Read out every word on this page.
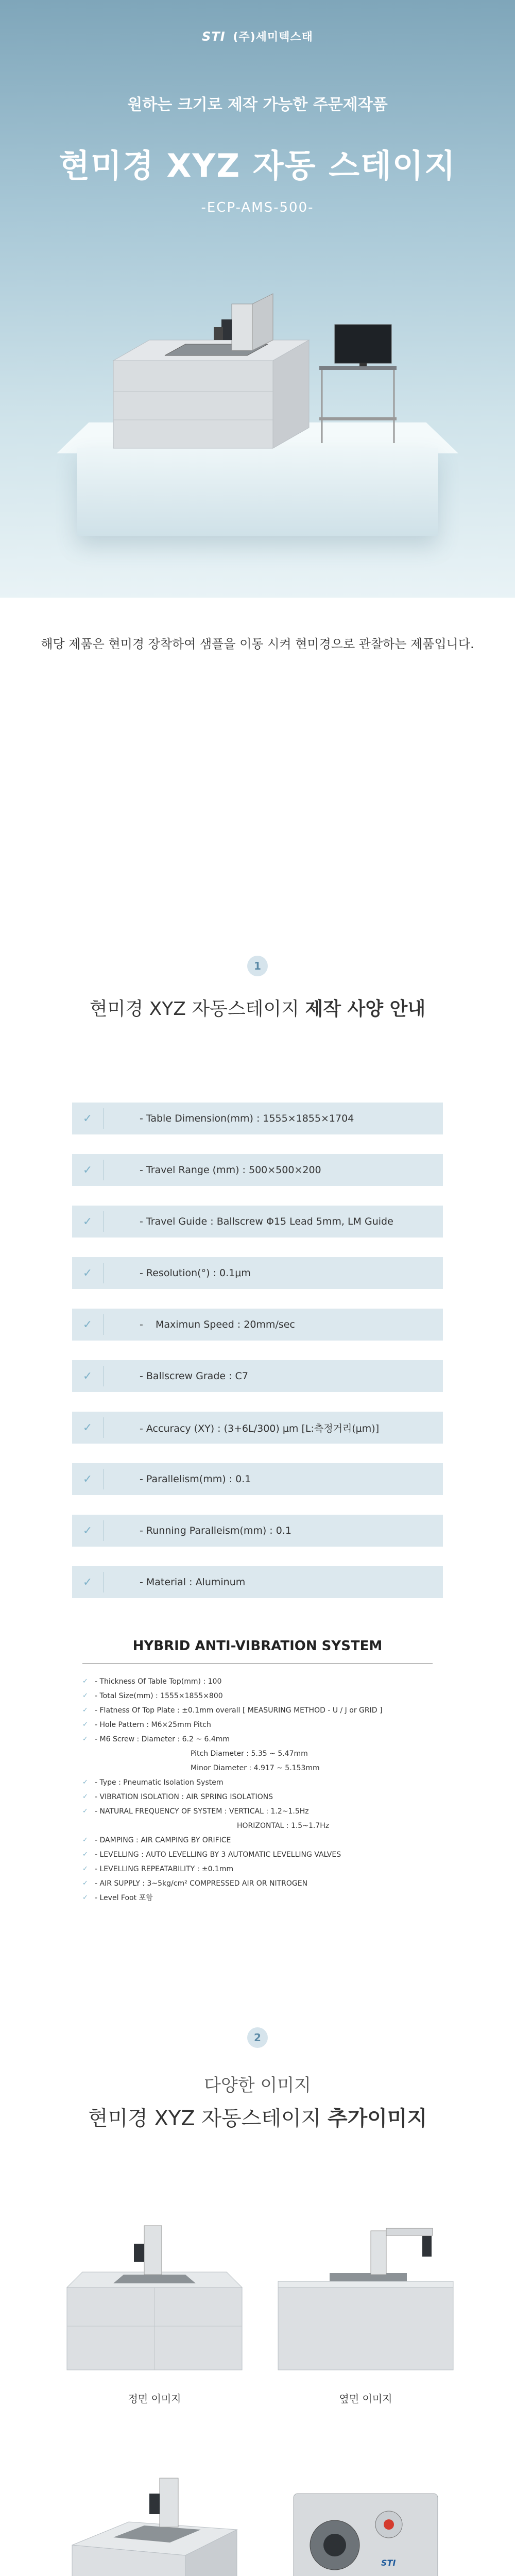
STI (주)세미텍스태
원하는 크기로 제작 가능한 주문제작품
현미경 XYZ 자동 스테이지
-ECP-AMS-500-
해당 제품은 현미경 장착하여 샘플을 이동 시켜 현미경으로 관찰하는 제품입니다.
1
현미경 XYZ 자동스테이지 제작 사양 안내
✓	- Table Dimension(mm) : 1555×1855×1704
✓	- Travel Range (mm) : 500×500×200
✓	- Travel Guide : Ballscrew Φ15 Lead 5mm, LM Guide
✓	- Resolution(°) : 0.1μm
✓	-    Maximun Speed : 20mm/sec
✓	- Ballscrew Grade : C7
✓	- Accuracy (XY) : (3+6L/300) μm [L:측정거리(μm)]
✓	- Parallelism(mm) : 0.1
✓	- Running Paralleism(mm) : 0.1
✓	- Material : Aluminum
HYBRID ANTI-VIBRATION SYSTEM
✓ - Thickness Of Table Top(mm) : 100
✓ - Total Size(mm) : 1555×1855×800
✓ - Flatness Of Top Plate : ±0.1mm overall [ MEASURING METHOD - U / J or GRID ]
✓ - Hole Pattern : M6×25mm Pitch
✓ - M6 Screw : Diameter : 6.2 ~ 6.4mm
Pitch Diameter : 5.35 ~ 5.47mm
Minor Diameter : 4.917 ~ 5.153mm
✓ - Type : Pneumatic Isolation System
✓ - VIBRATION ISOLATION : AIR SPRING ISOLATIONS
✓ - NATURAL FREQUENCY OF SYSTEM : VERTICAL : 1.2~1.5Hz
HORIZONTAL : 1.5~1.7Hz
✓ - DAMPING : AIR CAMPING BY ORIFICE
✓ - LEVELLING : AUTO LEVELLING BY 3 AUTOMATIC LEVELLING VALVES
✓ - LEVELLING REPEATABILITY : ±0.1mm
✓ - AIR SUPPLY : 3~5kg/cm² COMPRESSED AIR OR NITROGEN
✓ - Level Foot 포함
2
다양한 이미지
현미경 XYZ 자동스테이지 추가이미지
정면 이미지	옆면 이미지
STI
